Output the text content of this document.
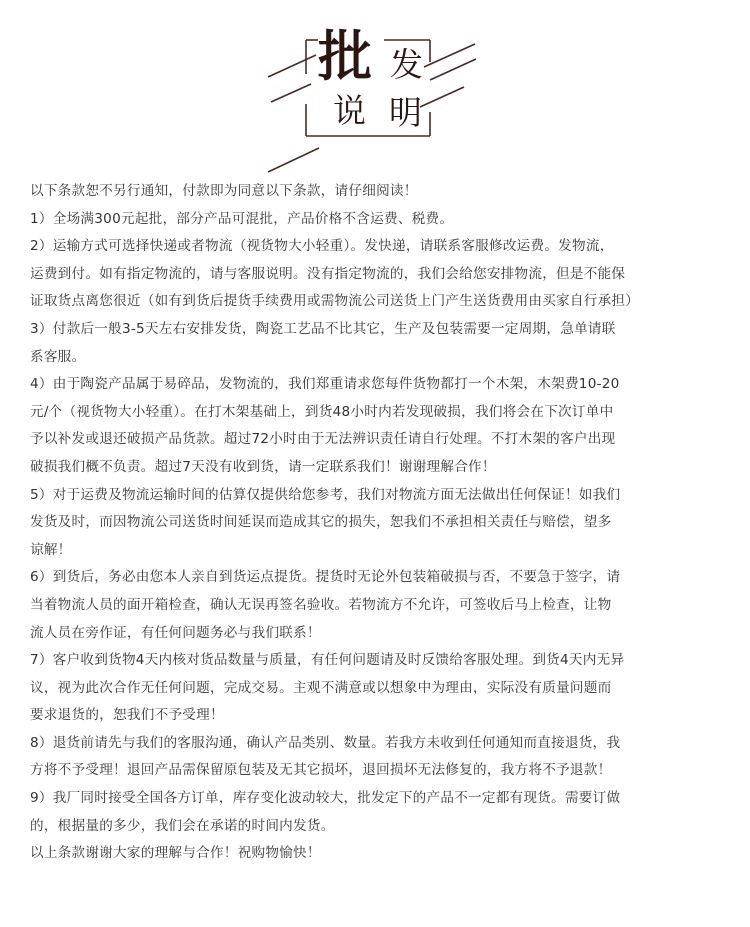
批 发
说 明

以下条款恕不另行通知，付款即为同意以下条款，请仔细阅读！

1）全场满300元起批，部分产品可混批，产品价格不含运费、税费。

2）运输方式可选择快递或者物流（视货物大小轻重）。发快递，请联系客服修改运费。发物流，

运费到付。如有指定物流的，请与客服说明。没有指定物流的，我们会给您安排物流，但是不能保

证取货点离您很近（如有到货后提货手续费用或需物流公司送货上门产生送货费用由买家自行承担）

3）付款后一般3-5天左右安排发货，陶瓷工艺品不比其它，生产及包装需要一定周期，急单请联

系客服。

4）由于陶瓷产品属于易碎品，发物流的，我们郑重请求您每件货物都打一个木架，木架费10-20

元/个（视货物大小轻重）。在打木架基础上，到货48小时内若发现破损，我们将会在下次订单中

予以补发或退还破损产品货款。超过72小时由于无法辨识责任请自行处理。不打木架的客户出现

破损我们概不负责。超过7天没有收到货，请一定联系我们！谢谢理解合作！

5）对于运费及物流运输时间的估算仅提供给您参考，我们对物流方面无法做出任何保证！如我们

发货及时，而因物流公司送货时间延误而造成其它的损失，恕我们不承担相关责任与赔偿，望多

谅解！

6）到货后，务必由您本人亲自到货运点提货。提货时无论外包装箱破损与否，不要急于签字，请

当着物流人员的面开箱检查，确认无误再签名验收。若物流方不允许，可签收后马上检查，让物

流人员在旁作证，有任何问题务必与我们联系！

7）客户收到货物4天内核对货品数量与质量，有任何问题请及时反馈给客服处理。到货4天内无异

议，视为此次合作无任何问题，完成交易。主观不满意或以想象中为理由，实际没有质量问题而

要求退货的，恕我们不予受理！

8）退货前请先与我们的客服沟通，确认产品类别、数量。若我方未收到任何通知而直接退货，我

方将不予受理！退回产品需保留原包装及无其它损坏，退回损坏无法修复的，我方将不予退款！

9）我厂同时接受全国各方订单，库存变化波动较大，批发定下的产品不一定都有现货。需要订做

的，根据量的多少，我们会在承诺的时间内发货。

以上条款谢谢大家的理解与合作！祝购物愉快！
